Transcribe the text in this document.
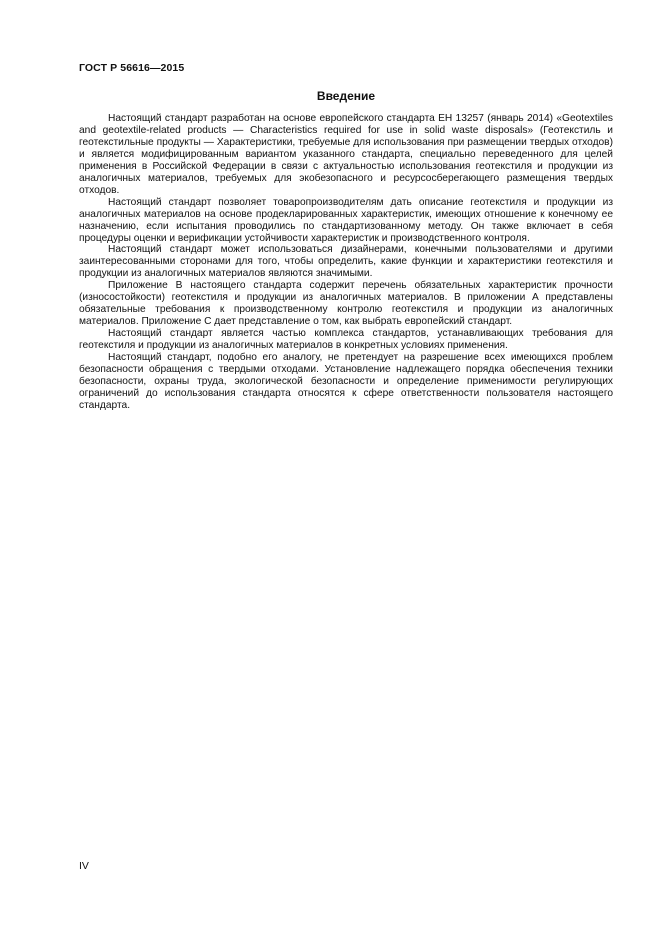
ГОСТ Р 56616—2015
Введение

Настоящий стандарт разработан на основе европейского стандарта ЕН 13257 (январь 2014) «Geotextiles and geotextile-related products — Characteristics required for use in solid waste disposals» (Геотекстиль и геотекстильные продукты — Характеристики, требуемые для использования при размещении твердых отходов) и является модифицированным вариантом указанного стандарта, специально переведенного для целей применения в Российской Федерации в связи с актуальностью использования геотекстиля и продукции из аналогичных материалов, требуемых для экобезопасного и ресурсосберегающего размещения твердых отходов.

Настоящий стандарт позволяет товаропроизводителям дать описание геотекстиля и продукции из аналогичных материалов на основе продекларированных характеристик, имеющих отношение к конечному ее назначению, если испытания проводились по стандартизованному методу. Он также включает в себя процедуры оценки и верификации устойчивости характеристик и производственного контроля.

Настоящий стандарт может использоваться дизайнерами, конечными пользователями и другими заинтересованными сторонами для того, чтобы определить, какие функции и характеристики геотекстиля и продукции из аналогичных материалов являются значимыми.

Приложение В настоящего стандарта содержит перечень обязательных характеристик прочности (износостойкости) геотекстиля и продукции из аналогичных материалов. В приложении А представлены обязательные требования к производственному контролю геотекстиля и продукции из аналогичных материалов. Приложение С дает представление о том, как выбрать европейский стандарт.

Настоящий стандарт является частью комплекса стандартов, устанавливающих требования для геотекстиля и продукции из аналогичных материалов в конкретных условиях применения.

Настоящий стандарт, подобно его аналогу, не претендует на разрешение всех имеющихся проблем безопасности обращения с твердыми отходами. Установление надлежащего порядка обеспечения техники безопасности, охраны труда, экологической безопасности и определение применимости регулирующих ограничений до использования стандарта относятся к сфере ответственности пользователя настоящего стандарта.

IV
